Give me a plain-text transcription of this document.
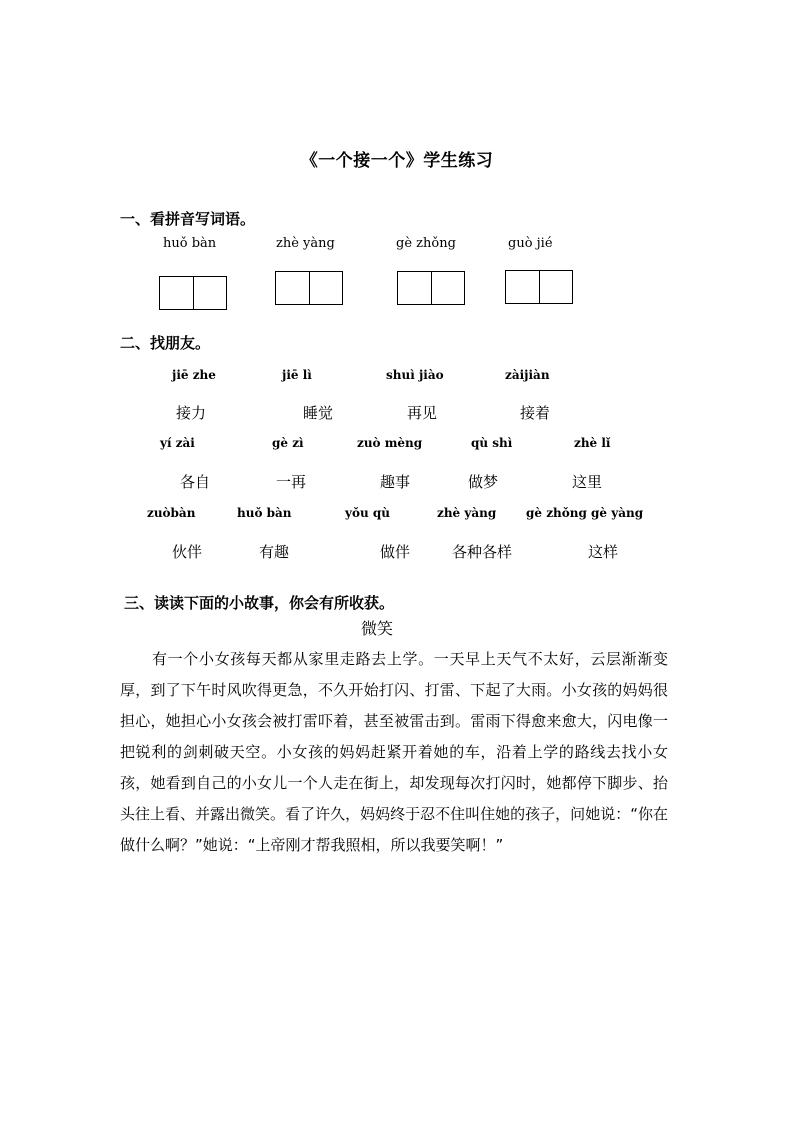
《一个接一个》学生练习
一、看拼音写词语。
huǒ bàn	zhè yàng	gè zhǒng	guò jié
二、找朋友。
jiē zhe	jiē lì	shuì jiào	zàijiàn
接力	睡觉	再见	接着
yí zài	gè zì	zuò mèng	qù shì	zhè lǐ
各自	一再	趣事	做梦	这里
zuòbàn	huǒ bàn	yǒu qù	zhè yàng gè zhǒng gè yàng
伙伴	有趣	做伴	各种各样	这样
三、读读下面的小故事，你会有所收获。
微笑
有一个小女孩每天都从家里走路去上学。一天早上天气不太好，云层渐渐变厚，到了下午时风吹得更急，不久开始打闪、打雷、下起了大雨。小女孩的妈妈很担心，她担心小女孩会被打雷吓着，甚至被雷击到。雷雨下得愈来愈大，闪电像一把锐利的剑刺破天空。小女孩的妈妈赶紧开着她的车，沿着上学的路线去找小女孩，她看到自己的小女儿一个人走在街上，却发现每次打闪时，她都停下脚步、抬头往上看、并露出微笑。看了许久，妈妈终于忍不住叫住她的孩子，问她说：“你在做什么啊？”她说：“上帝刚才帮我照相，所以我要笑啊！”
